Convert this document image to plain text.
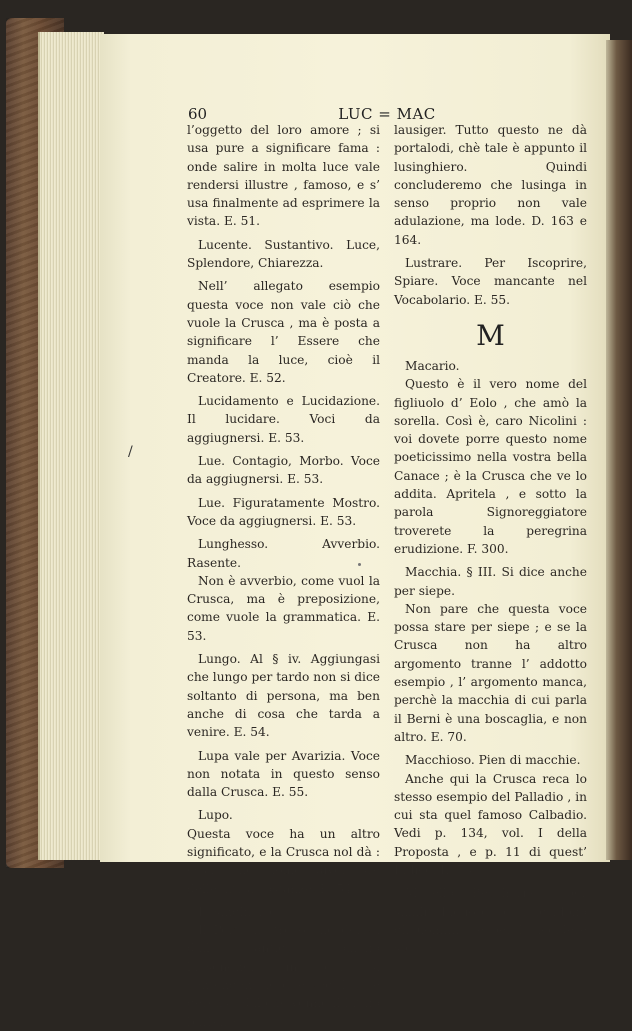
60	LUC = MAC
/

l’oggetto del loro amore ; si usa pure a significare fama : onde salire in molta luce vale rendersi illustre , famoso, e s’ usa finalmente ad esprimere la vista. E. 51.

Lucente. Sustantivo. Luce, Splendore, Chiarezza.

Nell’ allegato esempio questa voce non vale ciò che vuole la Crusca , ma è posta a significare l’ Essere che manda la luce, cioè il Creatore. E. 52.

Lucidamento e Lucidazione. Il lucidare. Voci da aggiugnersi. E. 53.

Lue. Contagio, Morbo. Voce da aggiugnersi. E. 53.

Lue. Figuratamente Mostro. Voce da aggiugnersi. E. 53.

Lunghesso. Avverbio. Rasente.

Non è avverbio, come vuol la Crusca, ma è preposizione, come vuole la grammatica. E. 53.

Lungo. Al § iv. Aggiungasi che lungo per tardo non si dice soltanto di persona, ma ben anche di cosa che tarda a venire. E. 54.

Lupa vale per Avarizia. Voce non notata in questo senso dalla Crusca. E. 55.

Lupo.

Questa voce ha un altro significato, e la Crusca nol dà : essa vale uomo divoratore delle altrui sostanze. E. 54.

Lusinghiero.

Il Perticari trovò che deriva dall’ antico romano lausengher, in cui si contengono le due voci laus e gerens : dal che venne il latino barbaro

lausiger. Tutto questo ne dà portalodi, chè tale è appunto il lusinghiero. Quindi concluderemo che lusinga in senso proprio non vale adulazione, ma lode. D. 163 e 164.

Lustrare. Per Iscoprire, Spiare. Voce mancante nel Vocabolario. E. 55.

M

Macario.

Questo è il vero nome del figliuolo d’ Eolo , che amò la sorella. Così è, caro Nicolini : voi dovete porre questo nome poeticissimo nella vostra bella Canace ; è la Crusca che ve lo addita. Apritela , e sotto la parola Signoreggiatore troverete la peregrina erudizione. F. 300.

Macchia. § III. Si dice anche per siepe.

Non pare che questa voce possa stare per siepe ; e se la Crusca non ha altro argomento tranne l’ addotto esempio , l’ argomento manca, perchè la macchia di cui parla il Berni è una boscaglia, e non altro. E. 70.

Macchioso. Pien di macchie.

Anche qui la Crusca reca lo stesso esempio del Palladio , in cui sta quel famoso Calbadio. Vedi p. 134, vol. I della Proposta , e p. 11 di quest’ Indice. E. 70.

Macello. Beccheria ; per similit. luogo dove si uccidono gli uomini , e per l’ uccidere stesso.
